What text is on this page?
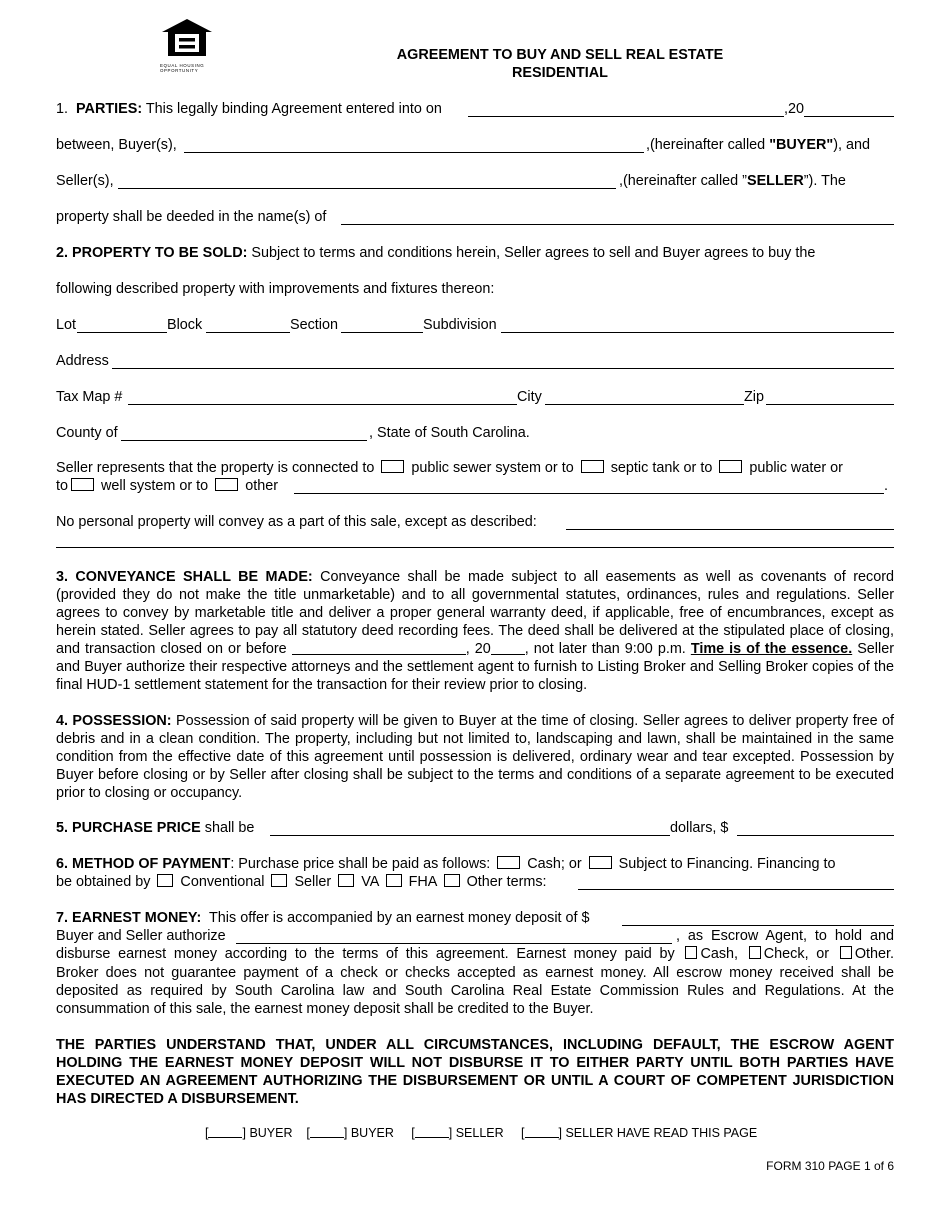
EQUAL HOUSING OPPORTUNITY
AGREEMENT TO BUY AND SELL REAL ESTATE
RESIDENTIAL
1. PARTIES: This legally binding Agreement entered into on	,20
between, Buyer(s),	,(hereinafter called "BUYER"), and
Seller(s),	,(hereinafter called ”SELLER”). The
property shall be deeded in the name(s) of
2. PROPERTY TO BE SOLD: Subject to terms and conditions herein, Seller agrees to sell and Buyer agrees to buy the
following described property with improvements and fixtures thereon:
Lot	Block	Section	Subdivision
Address
Tax Map #	City	Zip
County of	, State of South Carolina.
Seller represents that the property is connected to	public sewer system or to	septic tank or to	public water or
to well system or to	other	.
No personal property will convey as a part of this sale, except as described:
3. CONVEYANCE SHALL BE MADE: Conveyance shall be made subject to all easements as well as covenants of record (provided they do not make the title unmarketable) and to all governmental statutes, ordinances, rules and regulations. Seller agrees to convey by marketable title and deliver a proper general warranty deed, if applicable, free of encumbrances, except as herein stated. Seller agrees to pay all statutory deed recording fees. The deed shall be delivered at the stipulated place of closing, and transaction closed on or before	, 20 , not later than 9:00 p.m. Time is of the essence. Seller and Buyer authorize their respective attorneys and the settlement agent to furnish to Listing Broker and Selling Broker copies of the final HUD-1 settlement statement for the transaction for their review prior to closing.
4. POSSESSION: Possession of said property will be given to Buyer at the time of closing. Seller agrees to deliver property free of debris and in a clean condition. The property, including but not limited to, landscaping and lawn, shall be maintained in the same condition from the effective date of this agreement until possession is delivered, ordinary wear and tear excepted. Possession by Buyer before closing or by Seller after closing shall be subject to the terms and conditions of a separate agreement to be executed prior to closing or occupancy.
5. PURCHASE PRICE shall be	dollars, $
6. METHOD OF PAYMENT: Purchase price shall be paid as follows:	Cash; or	Subject to Financing. Financing to
be obtained by Conventional Seller VA FHA Other terms:
7. EARNEST MONEY: This offer is accompanied by an earnest money deposit of $
Buyer and Seller authorize	, as Escrow Agent, to hold and
disburse earnest money according to the terms of this agreement. Earnest money paid by Cash, Check, or Other.
Broker does not guarantee payment of a check or checks accepted as earnest money. All escrow money received shall be deposited as required by South Carolina law and South Carolina Real Estate Commission Rules and Regulations. At the consummation of this sale, the earnest money deposit shall be credited to the Buyer.
THE PARTIES UNDERSTAND THAT, UNDER ALL CIRCUMSTANCES, INCLUDING DEFAULT, THE ESCROW AGENT HOLDING THE EARNEST MONEY DEPOSIT WILL NOT DISBURSE IT TO EITHER PARTY UNTIL BOTH PARTIES HAVE EXECUTED AN AGREEMENT AUTHORIZING THE DISBURSEMENT OR UNTIL A COURT OF COMPETENT JURISDICTION HAS DIRECTED A DISBURSEMENT.
[	] BUYER    [	] BUYER     [	] SELLER     [	] SELLER HAVE READ THIS PAGE
FORM 310 PAGE 1 of 6
